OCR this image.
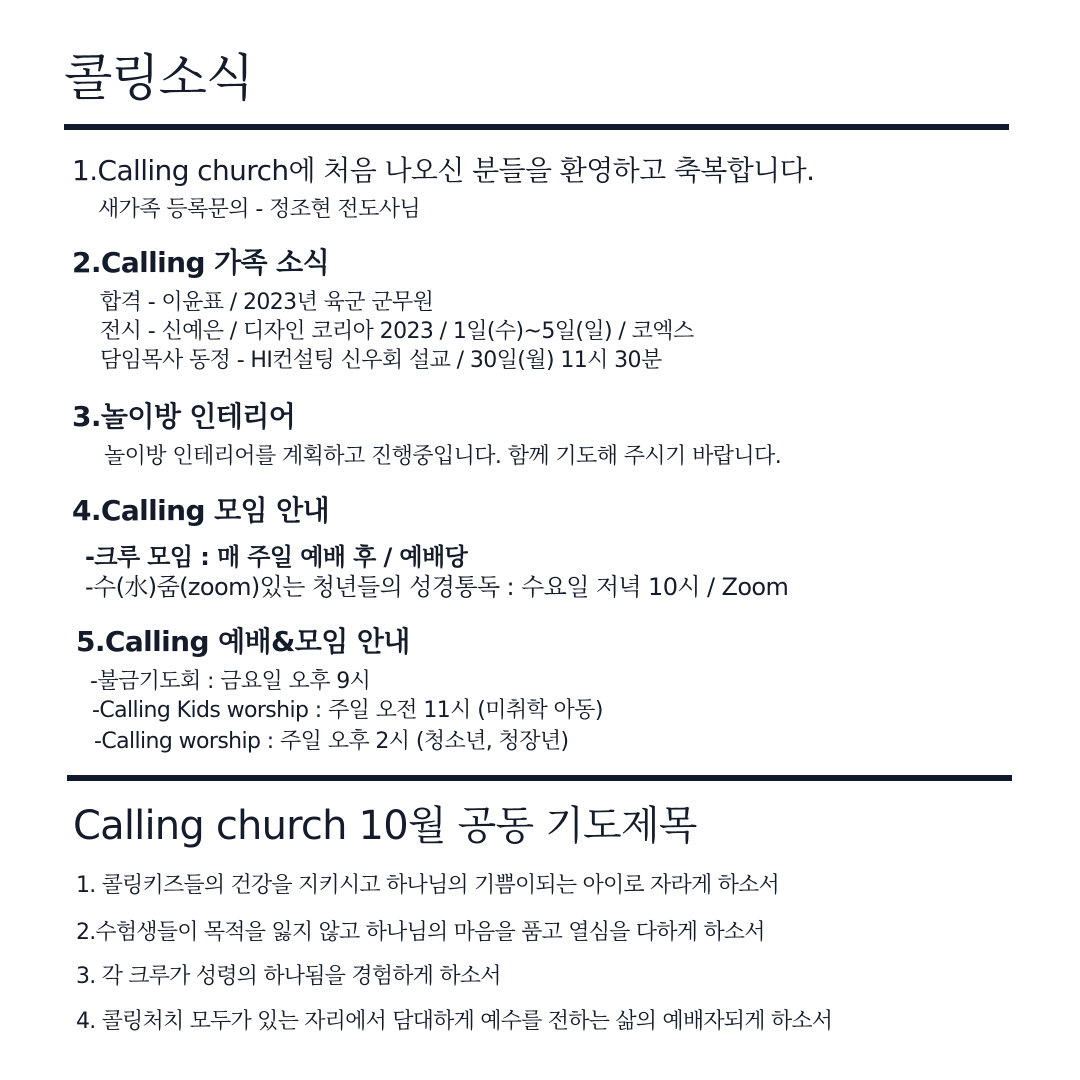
콜링소식
1.Calling church에 처음 나오신 분들을 환영하고 축복합니다.
새가족 등록문의 - 정조현 전도사님
2.Calling 가족 소식
합격 - 이윤표 / 2023년 육군 군무원
전시 - 신예은 / 디자인 코리아 2023 / 1일(수)~5일(일) / 코엑스
담임목사 동정 - HI컨설팅 신우회 설교 / 30일(월) 11시 30분
3.놀이방 인테리어
놀이방 인테리어를 계획하고 진행중입니다. 함께 기도해 주시기 바랍니다.
4.Calling 모임 안내
-크루 모임 : 매 주일 예배 후 / 예배당
-수(水)줌(zoom)있는 청년들의 성경통독 : 수요일 저녁 10시 / Zoom
5.Calling 예배&모임 안내
-불금기도회 : 금요일 오후 9시
-Calling Kids worship : 주일 오전 11시 (미취학 아동)
-Calling worship : 주일 오후 2시 (청소년, 청장년)
Calling church 10월 공동 기도제목
1. 콜링키즈들의 건강을 지키시고 하나님의 기쁨이되는 아이로 자라게 하소서
2.수험생들이 목적을 잃지 않고 하나님의 마음을 품고 열심을 다하게 하소서
3. 각 크루가 성령의 하나됨을 경험하게 하소서
4. 콜링처치 모두가 있는 자리에서 담대하게 예수를 전하는 삶의 예배자되게 하소서
